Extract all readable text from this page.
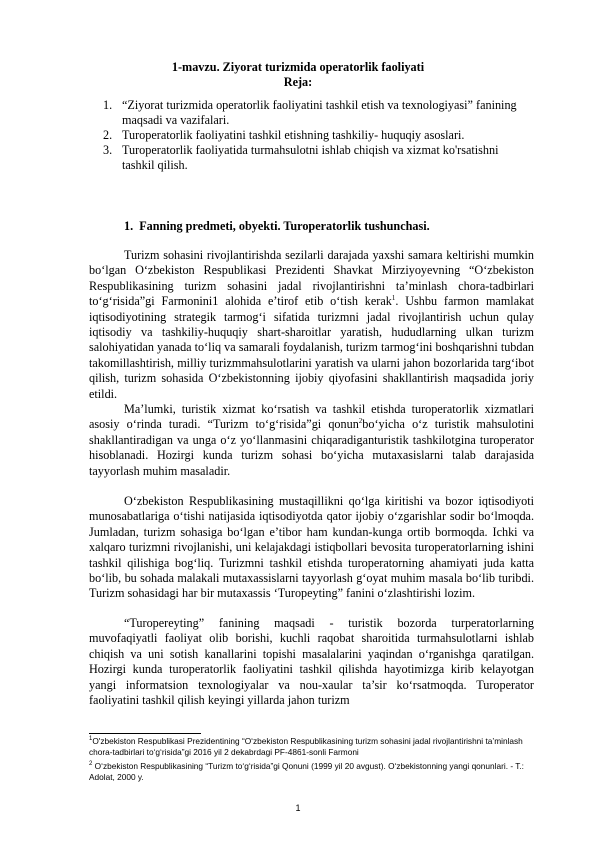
1-mavzu. Ziyorat turizmida operatorlik faoliyati
Reja:
1. “Ziyorat turizmida operatorlik faoliyatini tashkil etish va texnologiyasi” fanining maqsadi va vazifalari.
2. Turoperatorlik faoliyatini tashkil etishning tashkiliy- huquqiy asoslari.
3. Turoperatorlik faoliyatida turmahsulotni ishlab chiqish va xizmat ko'rsatishni tashkil qilish.
1. Fanning predmeti, obyekti. Turoperatorlik tushunchasi.

Turizm sohasini rivojlantirishda sezilarli darajada yaxshi samara keltirishi mumkin bo‘lgan O‘zbekiston Respublikasi Prezidenti Shavkat Mirziyoyevning “O‘zbekiston Respublikasining turizm sohasini jadal rivojlantirishni ta’minlash chora-tadbirlari to‘g‘risida”gi Farmonini1 alohida e’tirof etib o‘tish kerak$^1$. Ushbu farmon mamlakat iqtisodiyotining strategik tarmog‘i sifatida turizmni jadal rivojlantirish uchun qulay iqtisodiy va tashkiliy-huquqiy shart-sharoitlar yaratish, hududlarning ulkan turizm salohiyatidan yanada to‘liq va samarali foydalanish, turizm tarmog‘ini boshqarishni tubdan takomillashtirish, milliy turizmmahsulotlarini yaratish va ularni jahon bozorlarida targ‘ibot qilish, turizm sohasida O‘zbekistonning ijobiy qiyofasini shakllantirish maqsadida joriy etildi.

Ma’lumki, turistik xizmat ko‘rsatish va tashkil etishda turoperatorlik xizmatlari asosiy o‘rinda turadi. “Turizm to‘g‘risida”gi qonun$^2$bo‘yicha o‘z turistik mahsulotini shakllantiradigan va unga o‘z yo‘llanmasini chiqaradiganturistik tashkilotgina turoperator hisoblanadi. Hozirgi kunda turizm sohasi bo‘yicha mutaxasislarni talab darajasida tayyorlash muhim masaladir.

O‘zbekiston Respublikasining mustaqillikni qo‘lga kiritishi va bozor iqtisodiyoti munosabatlariga o‘tishi natijasida iqtisodiyotda qator ijobiy o‘zgarishlar sodir bo‘lmoqda. Jumladan, turizm sohasiga bo‘lgan e’tibor ham kundan-kunga ortib bormoqda. Ichki va xalqaro turizmni rivojlanishi, uni kelajakdagi istiqbollari bevosita turoperatorlarning ishini tashkil qilishiga bog‘liq. Turizmni tashkil etishda turoperatorning ahamiyati juda katta bo‘lib, bu sohada malakali mutaxassislarni tayyorlash g‘oyat muhim masala bo‘lib turibdi. Turizm sohasidagi har bir mutaxassis ‘Turopeyting” fanini o‘zlashtirishi lozim.

“Turopereyting” fanining maqsadi - turistik bozorda turperatorlarning muvofaqiyatli faoliyat olib borishi, kuchli raqobat sharoitida turmahsulotlarni ishlab chiqish va uni sotish kanallarini topishi masalalarini yaqindan o‘rganishga qaratilgan. Hozirgi kunda turoperatorlik faoliyatini tashkil qilishda hayotimizga kirib kelayotgan yangi informatsion texnologiyalar va nou-xaular ta’sir ko‘rsatmoqda. Turoperator faoliyatini tashkil qilish keyingi yillarda jahon turizm

$^1$O'zbekiston Respublikasi Prezidentining “O‘zbekiston Respublikasining turizm sohasini jadal rivojlantirishni ta’minlash chora-tadbirlari to‘g‘risida”gi 2016 yil 2 dekabrdagi PF-4861-sonli Farmoni

$^2$ O‘zbekiston Respublikasining “Turizm to‘g‘risida”gi Qonuni (1999 yil 20 avgust). O‘zbekistonning yangi qonunlari. - T.: Adolat, 2000 y.

1
